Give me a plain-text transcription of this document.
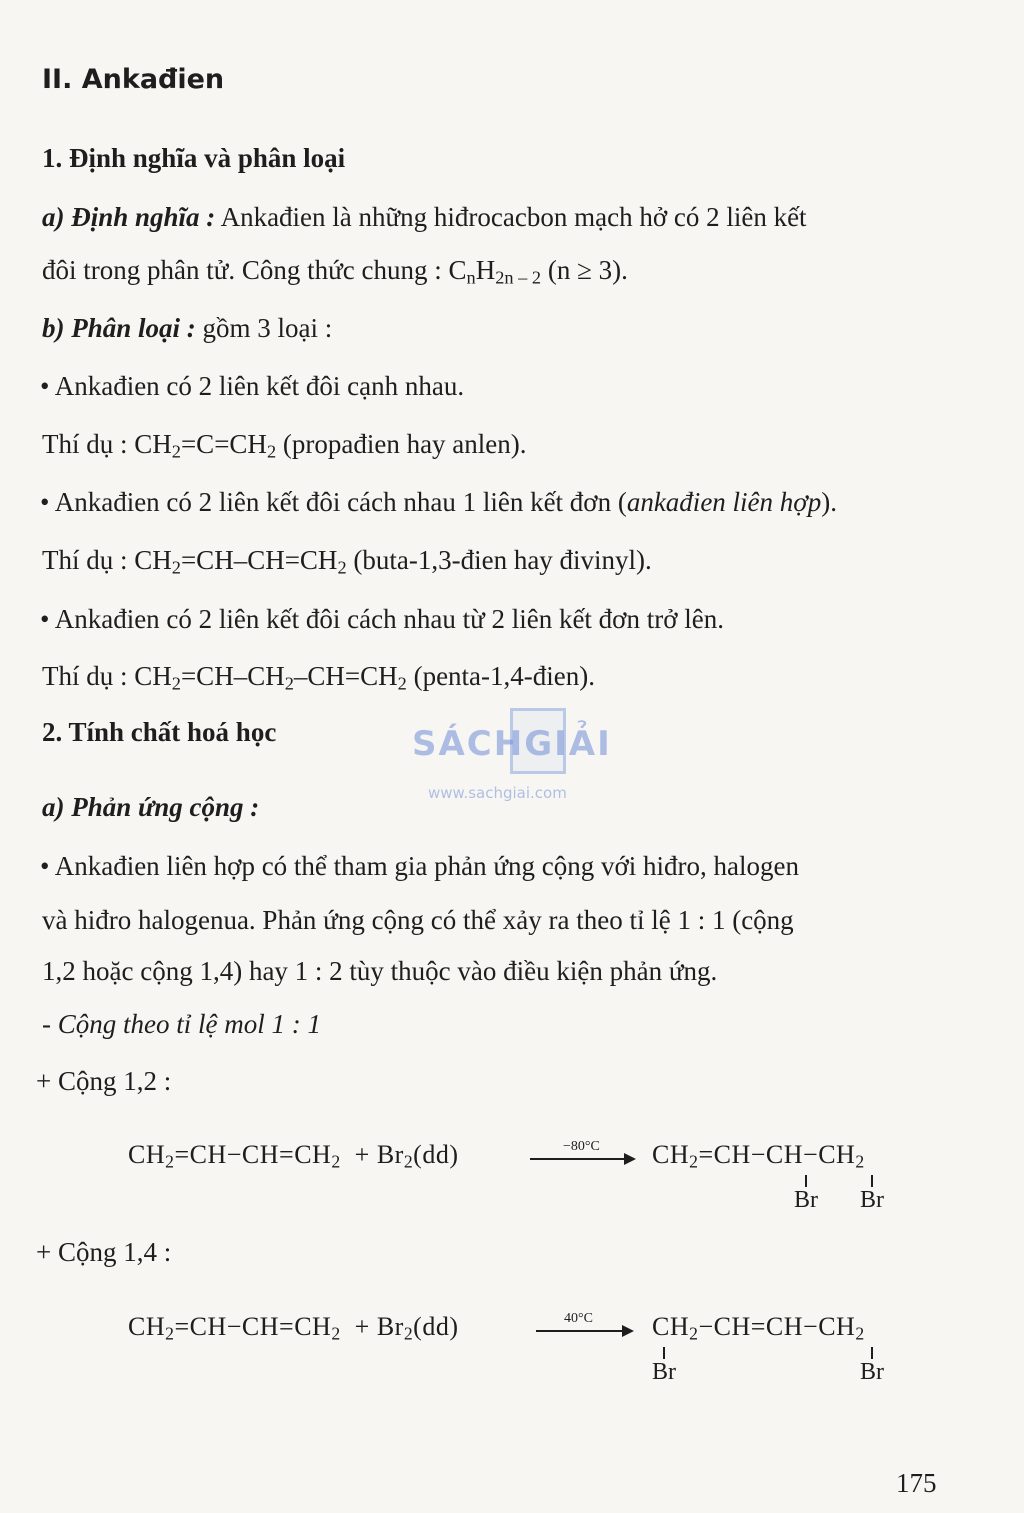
II. Ankađien
1. Định nghĩa và phân loại
a) Định nghĩa : Ankađien là những hiđrocacbon mạch hở có 2 liên kết
đôi trong phân tử. Công thức chung : $C_nH_{2n - 2}$ (n ≥ 3).
b) Phân loại : gồm 3 loại :
• Ankađien có 2 liên kết đôi cạnh nhau.
Thí dụ : $CH_2=C=CH_2$ (propađien hay anlen).
• Ankađien có 2 liên kết đôi cách nhau 1 liên kết đơn (ankađien liên hợp).
Thí dụ : $CH_2=CH-CH=CH_2$ (buta-1,3-đien hay đivinyl).
• Ankađien có 2 liên kết đôi cách nhau từ 2 liên kết đơn trở lên.
Thí dụ : $CH_2=CH-CH_2-CH=CH_2$ (penta-1,4-đien).
2. Tính chất hoá học	SÁCHGIẢI
www.sachgiai.com
a) Phản ứng cộng :
• Ankađien liên hợp có thể tham gia phản ứng cộng với hiđro, halogen
và hiđro halogenua. Phản ứng cộng có thể xảy ra theo tỉ lệ 1 : 1 (cộng
1,2 hoặc cộng 1,4) hay 1 : 2 tùy thuộc vào điều kiện phản ứng.
- Cộng theo tỉ lệ mol 1 : 1
+ Cộng 1,2 :
$CH_2=CH-CH=CH_2 + Br_2(dd)$	−80°C $CH_2=CH-CH-CH_2$
Br Br
+ Cộng 1,4 :
$CH_2=CH-CH=CH_2 + Br_2(dd)$	40°C $CH_2-CH=CH-CH_2$
Br	Br
175
